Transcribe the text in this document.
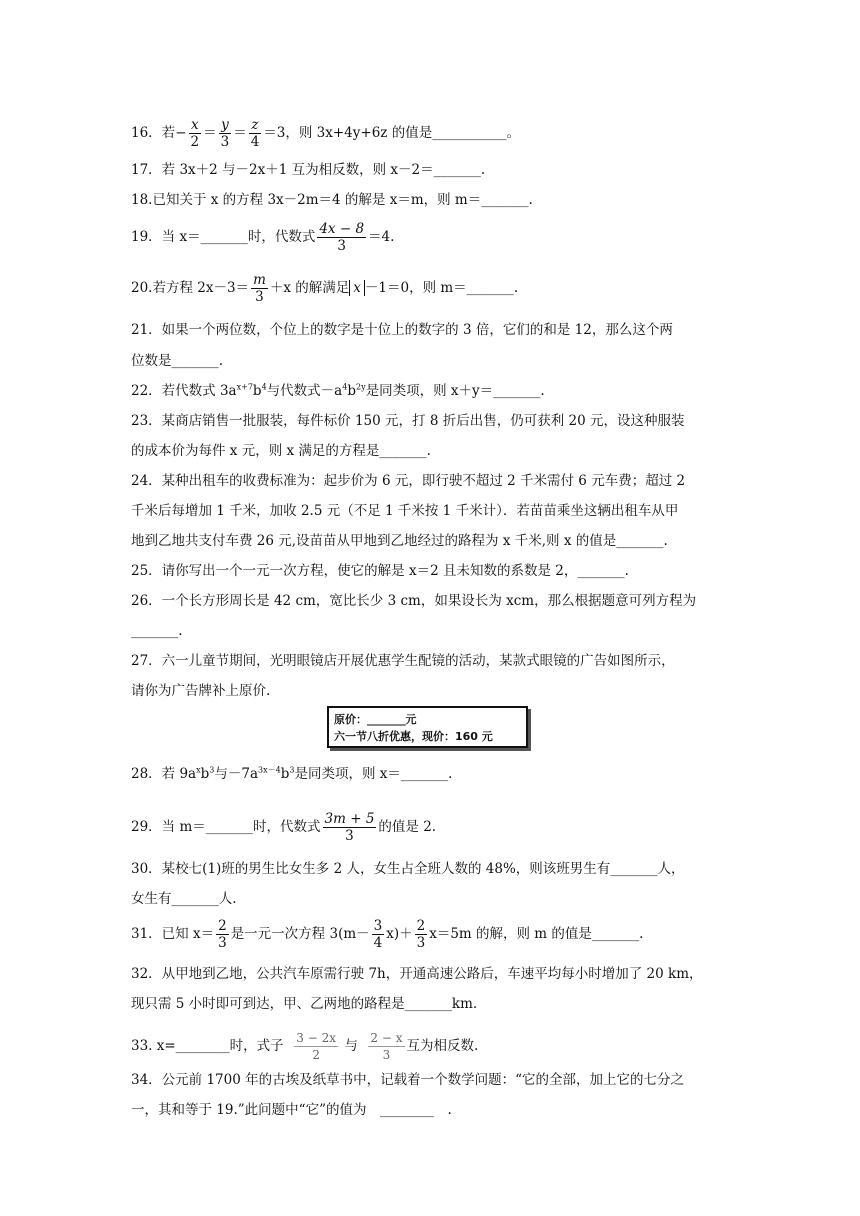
16．若− $\frac{x}{2} = \frac{y}{3} = \frac{z}{4} =3$，则 3x+4y+6z 的值是___________。
17．若 3x＋2 与－2x＋1 互为相反数，则 x－2＝_______.
18.已知关于 x 的方程 3x－2m＝4 的解是 x＝m，则 m＝_______.
19．当 x＝_______时，代数式 $\frac{4x - 8}{3} =4$.
20.若方程 $2x-3= \frac{m}{3} +x$ 的解满足 x －1＝0，则 m＝_______.
21．如果一个两位数，个位上的数字是十位上的数字的 3 倍，它们的和是 12，那么这个两
位数是_______.
22．若代数式 $3a^{x+7}b^4$与代数式$-a^4b^{2y}$是同类项，则 x＋y＝_______.
23．某商店销售一批服装，每件标价 150 元，打 8 折后出售，仍可获利 20 元，设这种服装
的成本价为每件 x 元，则 x 满足的方程是_______.
24．某种出租车的收费标准为：起步价为 6 元，即行驶不超过 2 千米需付 6 元车费；超过 2
千米后每增加 1 千米，加收 2.5 元（不足 1 千米按 1 千米计）．若苗苗乘坐这辆出租车从甲
地到乙地共支付车费 26 元,设苗苗从甲地到乙地经过的路程为 x 千米,则 x 的值是_______.
25．请你写出一个一元一次方程，使它的解是 x＝2 且未知数的系数是 2，_______.
26．一个长方形周长是 42 cm，宽比长少 3 cm，如果设长为 xcm，那么根据题意可列方程为
_______.
27．六一儿童节期间，光明眼镜店开展优惠学生配镜的活动，某款式眼镜的广告如图所示，
请你为广告牌补上原价.
原价：_______元
六一节八折优惠，现价：160 元
28．若 $9a^xb^3$与$-7a^{3x-4}b^3$是同类项，则 x＝_______.
29．当 m＝_______时，代数式 $\frac{3m + 5}{3}$ 的值是 2.
30．某校七(1)班的男生比女生多 2 人，女生占全班人数的 48%，则该班男生有_______人，
女生有_______人.
31．已知 $x= \frac{2}{3}$ 是一元一次方程 $3(m- \frac{3}{4} x)+ \frac{2}{3} x=5m$ 的解，则 m 的值是_______.
32．从甲地到乙地，公共汽车原需行驶 7h，开通高速公路后，车速平均每小时增加了 20 km，
现只需 5 小时即可到达，甲、乙两地的路程是_______km.
33. x=________时，式子 $\frac{3 - 2x}{2}$ 与 $\frac{2 - x}{3}$ 互为相反数.
34．公元前 1700 年的古埃及纸草书中，记载着一个数学问题：“它的全部，加上它的七分之
一，其和等于 19.”此问题中“它”的值为　________　.
